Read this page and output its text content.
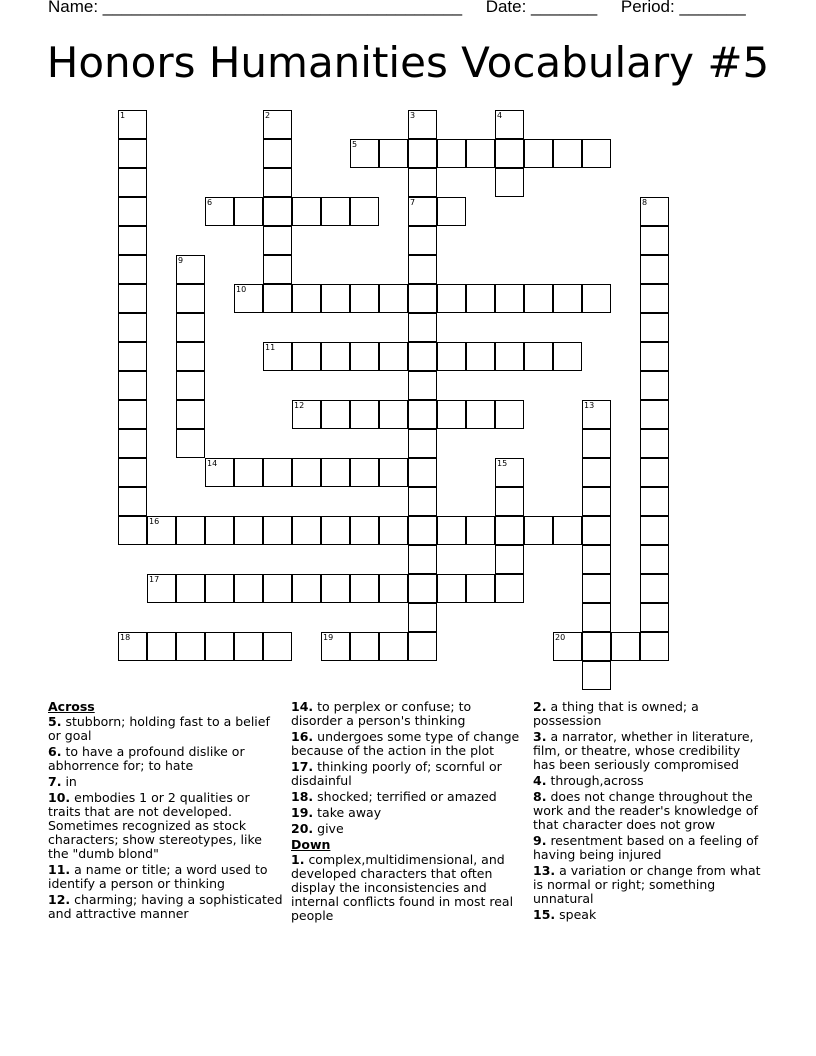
Name: ______________________________________ Date: _______ Period: _______
Honors Humanities Vocabulary #5
5
6	7
10
11
12
14
16
17
18	19	20
1	2	3	4
8
9
13
15
Across
5. stubborn; holding fast to a belief or goal
6. to have a profound dislike or abhorrence for; to hate
7. in
10. embodies 1 or 2 qualities or traits that are not developed. Sometimes recognized as stock characters; show stereotypes, like the "dumb blond"
11. a name or title; a word used to identify a person or thinking
12. charming; having a sophisticated and attractive manner
14. to perplex or confuse; to disorder a person's thinking
16. undergoes some type of change because of the action in the plot
17. thinking poorly of; scornful or disdainful
18. shocked; terrified or amazed
19. take away
20. give
Down
1. complex,multidimensional, and developed characters that often display the inconsistencies and internal conflicts found in most real people
2. a thing that is owned; a possession
3. a narrator, whether in literature, film, or theatre, whose credibility has been seriously compromised
4. through,across
8. does not change throughout the work and the reader's knowledge of that character does not grow
9. resentment based on a feeling of having being injured
13. a variation or change from what is normal or right; something unnatural
15. speak
